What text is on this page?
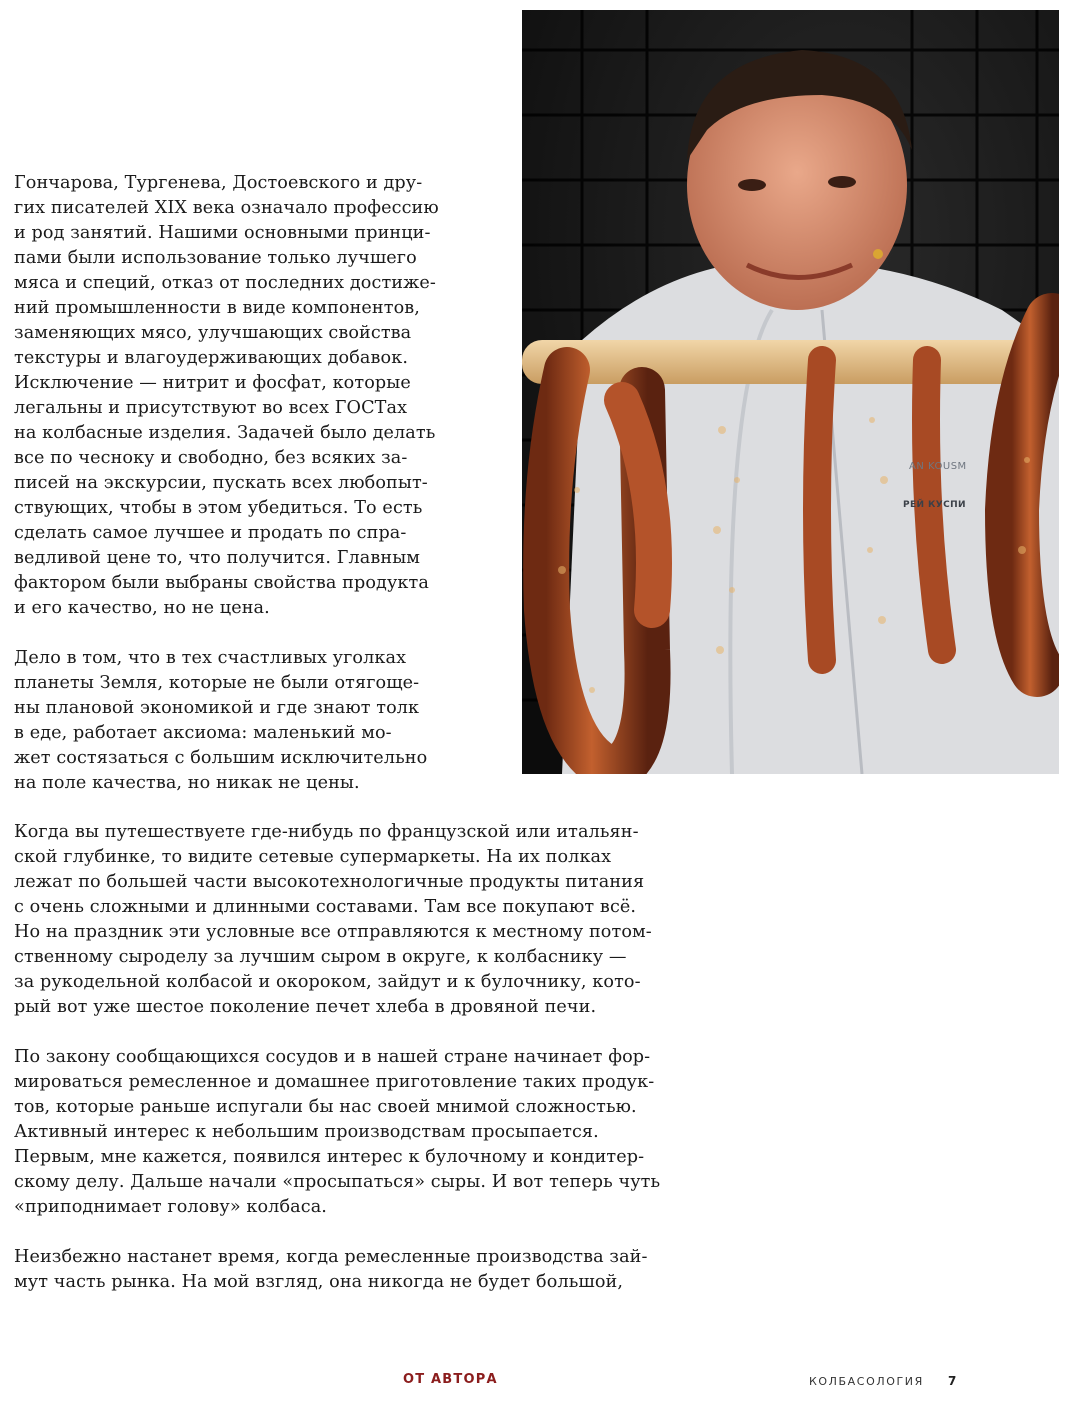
Гончарова, Тургенева, Достоевского и дру-
гих писателей XIX века означало профессию
и род занятий. Нашими основными принци-
пами были использование только лучшего
мяса и специй, отказ от последних достиже-
ний промышленности в виде компонентов,
заменяющих мясо, улучшающих свойства
текстуры и влагоудерживающих добавок.
Исключение — нитрит и фосфат, которые
легальны и присутствуют во всех ГОСТах
на колбасные изделия. Задачей было делать
все по чесноку и свободно, без всяких за-
писей на экскурсии, пускать всех любопыт-
ствующих, чтобы в этом убедиться. То есть
сделать самое лучшее и продать по спра-
ведливой цене то, что получится. Главным
фактором были выбраны свойства продукта
и его качество, но не цена.
Дело в том, что в тех счастливых уголках
планеты Земля, которые не были отягоще-
ны плановой экономикой и где знают толк
в еде, работает аксиома: маленький мо-
жет состязаться с большим исключительно
на поле качества, но никак не цены.
Когда вы путешествуете где-нибудь по французской или итальян-
ской глубинке, то видите сетевые супермаркеты. На их полках
лежат по большей части высокотехнологичные продукты питания
с очень сложными и длинными составами. Там все покупают всё.
Но на праздник эти условные все отправляются к местному потом-
ственному сыроделу за лучшим сыром в округе, к колбаснику —
за рукодельной колбасой и окороком, зайдут и к булочнику, кото-
рый вот уже шестое поколение печет хлеба в дровяной печи.
По закону сообщающихся сосудов и в нашей стране начинает фор-
мироваться ремесленное и домашнее приготовление таких продук-
тов, которые раньше испугали бы нас своей мнимой сложностью.
Активный интерес к небольшим производствам просыпается.
Первым, мне кажется, появился интерес к булочному и кондитер-
скому делу. Дальше начали «просыпаться» сыры. И вот теперь чуть
«приподнимает голову» колбаса.
Неизбежно настанет время, когда ремесленные производства зай-
мут часть рынка. На мой взгляд, она никогда не будет большой,
AN KOUSM
РЕЙ КУСПИ
ОТ АВТОРА	КОЛБАСОЛОГИЯ 7
